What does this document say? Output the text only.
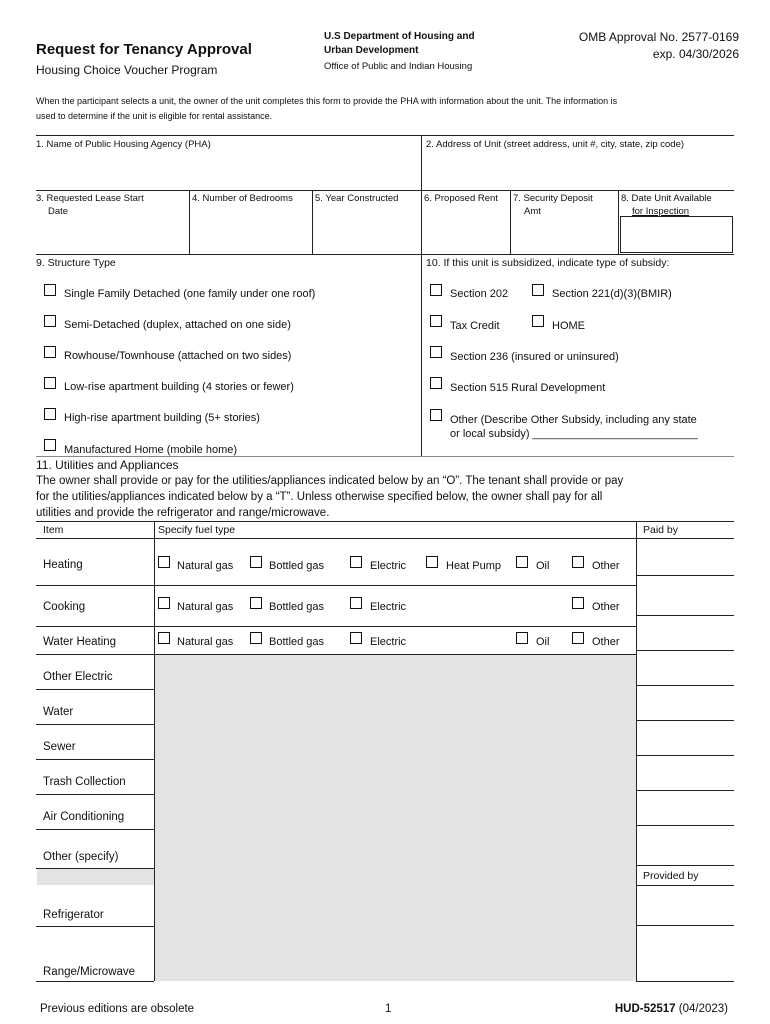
Request for Tenancy Approval
Housing Choice Voucher Program
U.S Department of Housing and
Urban Development
Office of Public and Indian Housing
OMB Approval No. 2577-0169
exp. 04/30/2026
When the participant selects a unit, the owner of the unit completes this form to provide the PHA with information about the unit. The information is
used to determine if the unit is eligible for rental assistance.
1. Name of Public Housing Agency (PHA)	2. Address of Unit (street address, unit #, city, state, zip code)
3. Requested Lease Start
Date
4. Number of Bedrooms 5. Year Constructed	6. Proposed Rent 7. Security Deposit
Amt
8. Date Unit Available
for Inspection
9. Structure Type
Single Family Detached (one family under one roof)
Semi-Detached (duplex, attached on one side)
Rowhouse/Townhouse (attached on two sides)
Low-rise apartment building (4 stories or fewer)
High-rise apartment building (5+ stories)
Manufactured Home (mobile home)
10. If this unit is subsidized, indicate type of subsidy:
Section 202	Section 221(d)(3)(BMIR)
Tax Credit	HOME
Section 236 (insured or uninsured)
Section 515 Rural Development
Other (Describe Other Subsidy, including any state
or local subsidy) ___________________________
11. Utilities and Appliances
The owner shall provide or pay for the utilities/appliances indicated below by an “O”. The tenant shall provide or pay
for the utilities/appliances indicated below by a “T”. Unless otherwise specified below, the owner shall pay for all
utilities and provide the refrigerator and range/microwave.
Item	Specify fuel type	Paid by
Provided by
Heating	Natural gas	Bottled gas	Electric	Heat Pump	Oil	Other
Cooking	Natural gas	Bottled gas	Electric	Other
Water Heating	Natural gas	Bottled gas	Electric	Oil	Other
Other Electric
Water
Sewer
Trash Collection
Air Conditioning
Other (specify)
Refrigerator
Range/Microwave
Previous editions are obsolete	1	HUD-52517 (04/2023)
